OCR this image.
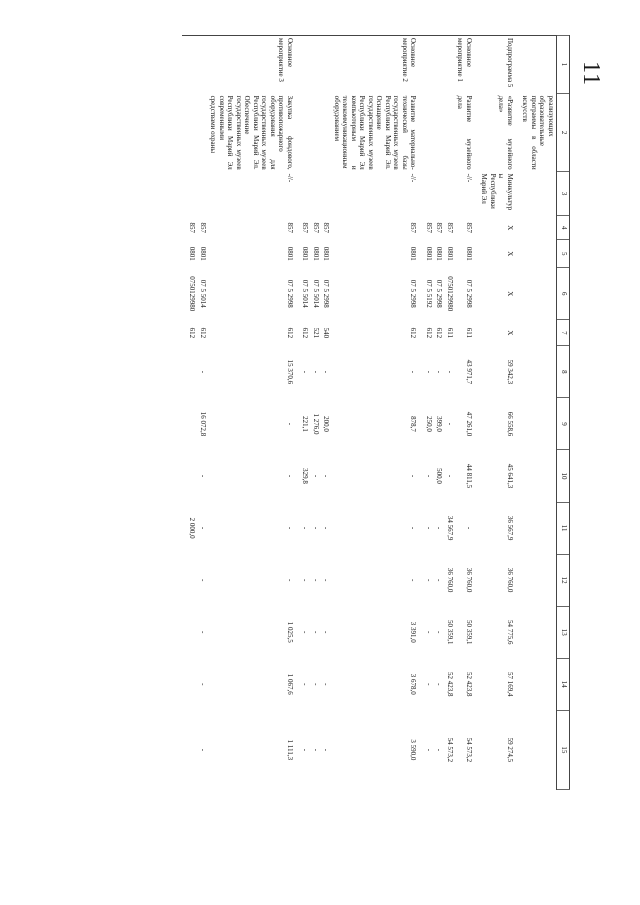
11
1	2	3	4	5	6	7	8	9	10	11	12	13	14	15
	реализующих образовательные программы в области искусств													
Подпрограмма 5	«Развитие музейного дела»	Минкультуры Республики Марий Эл	Х	Х	Х	Х	59 342,3	66 558,6	45 641,3	36 567,9	36 760,0	54 775,6	57 169,4	59 274,5
Основное мероприятие 1	Развитие музейного дела	-//-	857	0801	07 5 2998	611	43 971,7	47 261,0	44 811,5	-	36 760,0	50 359,1	52 423,8	54 573,2
			857	0801	0750129980	611	-	-	-	34 567,9	36 760,0	50 359,1	52 423,8	54 573,2
			857	0801	07 5 2998	612	-	399,0	500,0	-	-	-	-	-
			857	0801	07 5 5192	612	-	250,0	-	-	-	-	-	-
Основное мероприятие 2	Развитие материально-технической базы государственных музеев Республики Марий Эл. Оснащение государственных музеев Республики Марий Эл компьютерным и телекоммуникационным оборудованием	-//-	857	0801	07 5 2998	612	-	878,7	-	-	-	3 391,0	3 678,0	3 590,0
			857	0801	07 5 2998	540	-	200,0	-	-	-	-	-	-
			857	0801	07 5 5014	521	-	1 276,0	-	-	-	-	-	-
			857	0801	07 5 5014	612	-	221,1	329,8	-	-	-	-	-
Основное мероприятие 3	Закупка фондового, противопожарного оборудования для государственных музеев Республики Марий Эл. Обеспечение государственных музеев Республики Марий Эл современными средствами охраны	-//-	857	0801	07 5 2998	612	15 370,6	-	-	-	-	1 025,5	1 067,6	1 111,3
			857	0801	07 5 5014	612	-	16 072,8	-	-	-	-	-	-
			857	0801	0750129980	612				2 000,0				
